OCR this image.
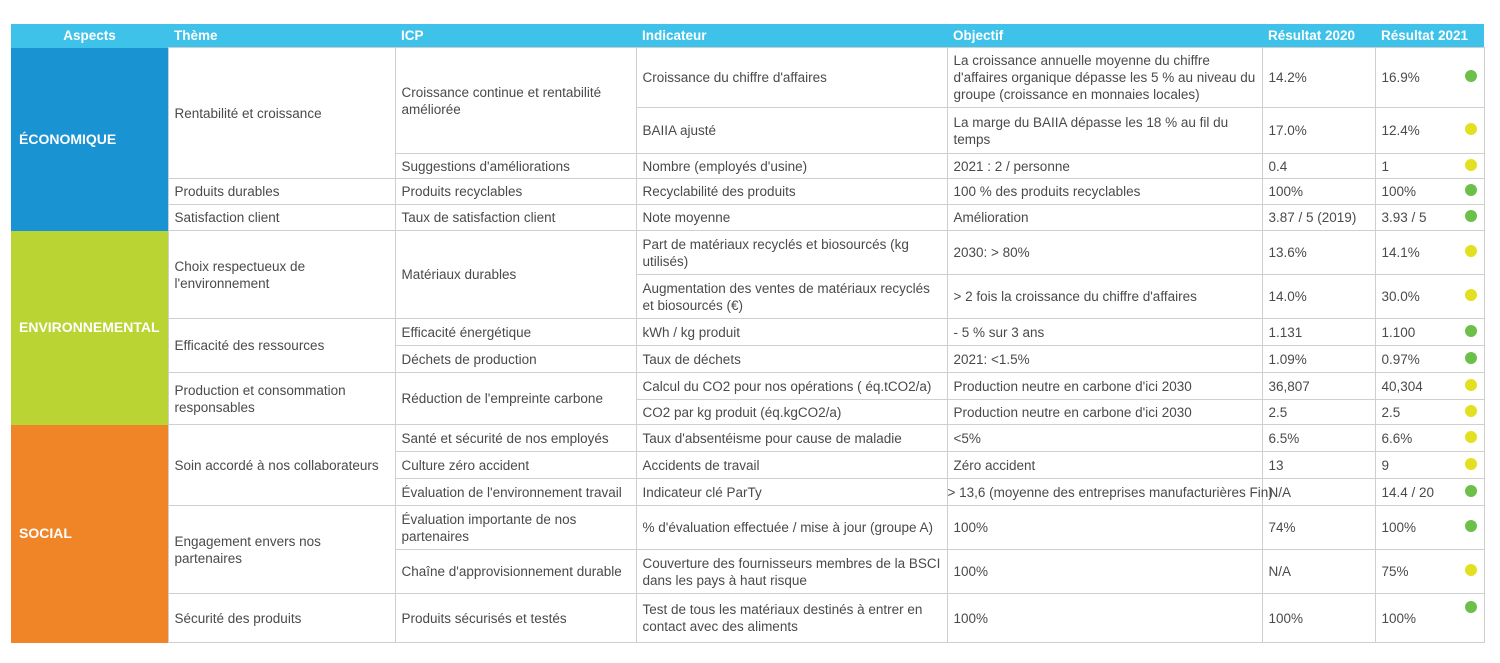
Aspects	Thème	ICP	Indicateur	Objectif	Résultat 2020	Résultat 2021	
ÉCONOMIQUE	Rentabilité et croissance	Croissance continue et rentabilité améliorée	Croissance du chiffre d'affaires	La croissance annuelle moyenne du chiffre d'affaires organique dépasse les 5 % au niveau du groupe (croissance en monnaies locales)	14.2%	16.9%	
			BAIIA ajusté	La marge du BAIIA dépasse les 18 % au fil du temps	17.0%	12.4%	
		Suggestions d'améliorations	Nombre (employés d'usine)	2021 : 2 / personne	0.4	1	
	Produits durables	Produits recyclables	Recyclabilité des produits	100 % des produits recyclables	100%	100%	
	Satisfaction client	Taux de satisfaction client	Note moyenne	Amélioration	3.87 / 5 (2019)	3.93 / 5	
ENVIRONNEMENTAL	Choix respectueux de l'environnement	Matériaux durables	Part de matériaux recyclés et biosourcés (kg utilisés)	2030: > 80%	13.6%	14.1%	
			Augmentation des ventes de matériaux recyclés et biosourcés (€)	> 2 fois la croissance du chiffre d'affaires	14.0%	30.0%	
	Efficacité des ressources	Efficacité énergétique	kWh / kg produit	- 5 % sur 3 ans	1.131	1.100	
		Déchets de production	Taux de déchets	2021: <1.5%	1.09%	0.97%	
	Production et consommation responsables	Réduction de l'empreinte carbone	Calcul du CO2 pour nos opérations ( éq.tCO2/a)	Production neutre en carbone d'ici 2030	36,807	40,304	
			CO2 par kg produit (éq.kgCO2/a)	Production neutre en carbone d'ici 2030	2.5	2.5	
SOCIAL	Soin accordé à nos collaborateurs	Santé et sécurité de nos employés	Taux d'absentéisme pour cause de maladie	<5%	6.5%	6.6%	
		Culture zéro accident	Accidents de travail	Zéro accident	13	9	
		Évaluation de l'environnement travail	Indicateur clé ParTy	> 13,6 (moyenne des entreprises manufacturières Fin)	N/A	14.4 / 20	
	Engagement envers nos partenaires	Évaluation importante de nos partenaires	% d'évaluation effectuée / mise à jour (groupe A)	100%	74%	100%	
		Chaîne d'approvisionnement durable	Couverture des fournisseurs membres de la BSCI dans les pays à haut risque	100%	N/A	75%	
	Sécurité des produits	Produits sécurisés et testés	Test de tous les matériaux destinés à entrer en contact avec des aliments	100%	100%	100%	
